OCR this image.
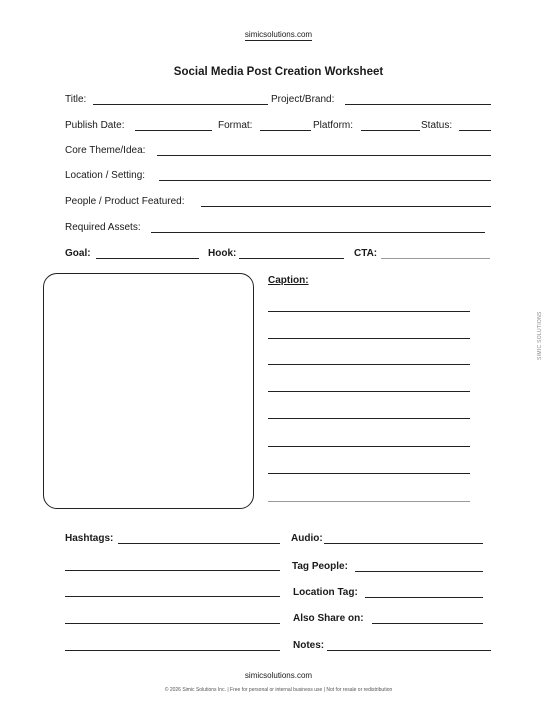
simicsolutions.com
Social Media Post Creation Worksheet
Title:	Project/Brand:
Publish Date:	Format:	Platform:	Status:
Core Theme/Idea:
Location / Setting:
People / Product Featured:
Required Assets:
Goal:	Hook:	CTA:
Caption:
SIMIC SOLUTIONS
Hashtags:	Audio:
Tag People:
Location Tag:
Also Share on:
Notes:
simicsolutions.com
© 2026 Simic Solutions Inc. | Free for personal or internal business use | Not for resale or redistribution
